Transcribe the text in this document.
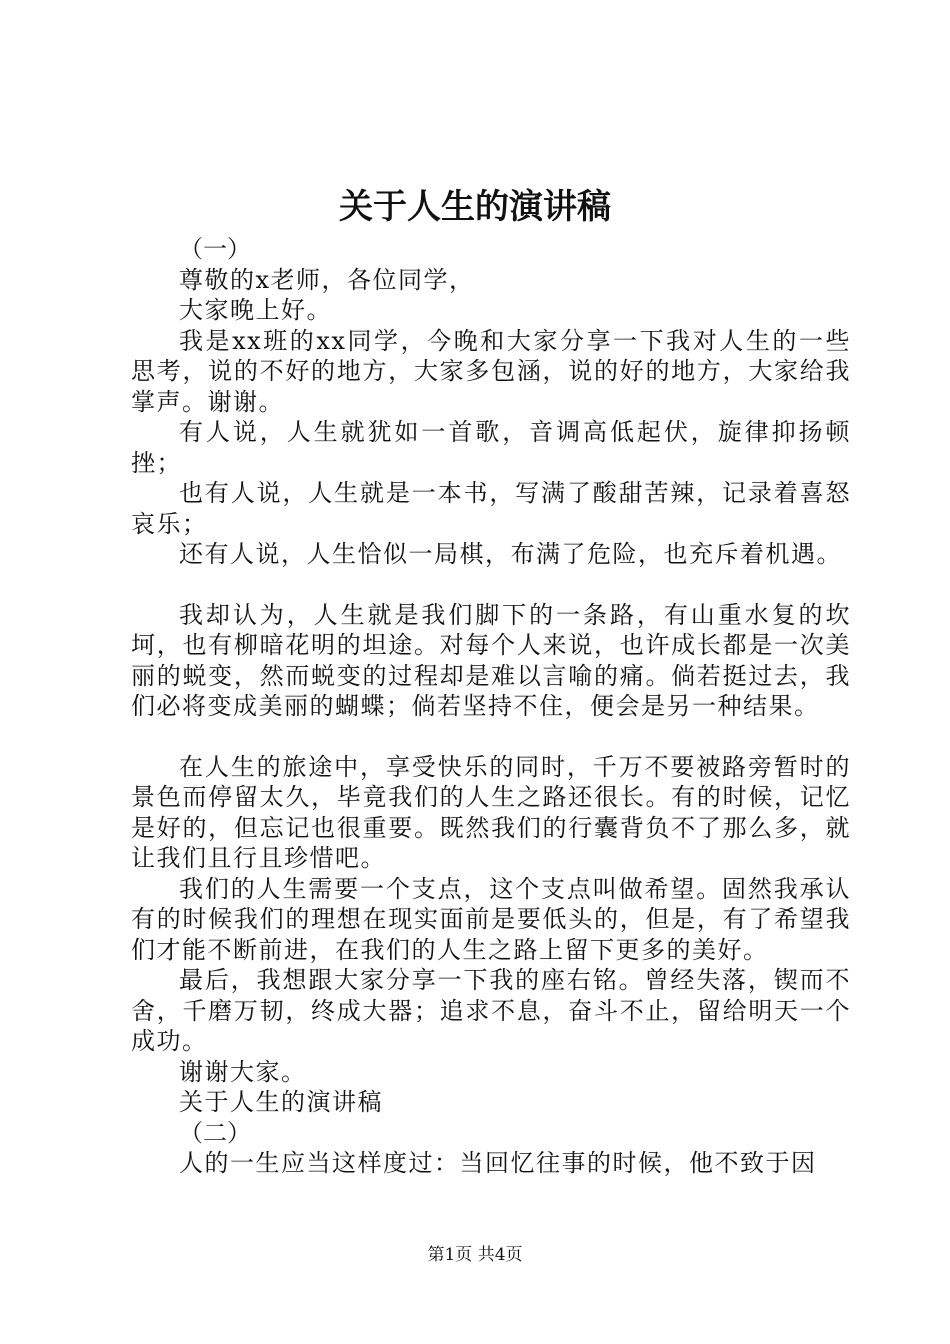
关于人生的演讲稿

（一）

尊敬的x老师，各位同学，

大家晚上好。

我是xx班的xx同学，今晚和大家分享一下我对人生的一些思考，说的不好的地方，大家多包涵，说的好的地方，大家给我掌声。谢谢。

有人说，人生就犹如一首歌，音调高低起伏，旋律抑扬顿挫；

也有人说，人生就是一本书，写满了酸甜苦辣，记录着喜怒哀乐；

还有人说，人生恰似一局棋，布满了危险，也充斥着机遇。

我却认为，人生就是我们脚下的一条路，有山重水复的坎坷，也有柳暗花明的坦途。对每个人来说，也许成长都是一次美丽的蜕变，然而蜕变的过程却是难以言喻的痛。倘若挺过去，我们必将变成美丽的蝴蝶；倘若坚持不住，便会是另一种结果。

在人生的旅途中，享受快乐的同时，千万不要被路旁暂时的景色而停留太久，毕竟我们的人生之路还很长。有的时候，记忆是好的，但忘记也很重要。既然我们的行囊背负不了那么多，就让我们且行且珍惜吧。

我们的人生需要一个支点，这个支点叫做希望。固然我承认有的时候我们的理想在现实面前是要低头的，但是，有了希望我们才能不断前进，在我们的人生之路上留下更多的美好。

最后，我想跟大家分享一下我的座右铭。曾经失落，锲而不舍，千磨万韧，终成大器；追求不息，奋斗不止，留给明天一个成功。

谢谢大家。

关于人生的演讲稿

（二）

人的一生应当这样度过：当回忆往事的时候，他不致于因

第1页 共4页
